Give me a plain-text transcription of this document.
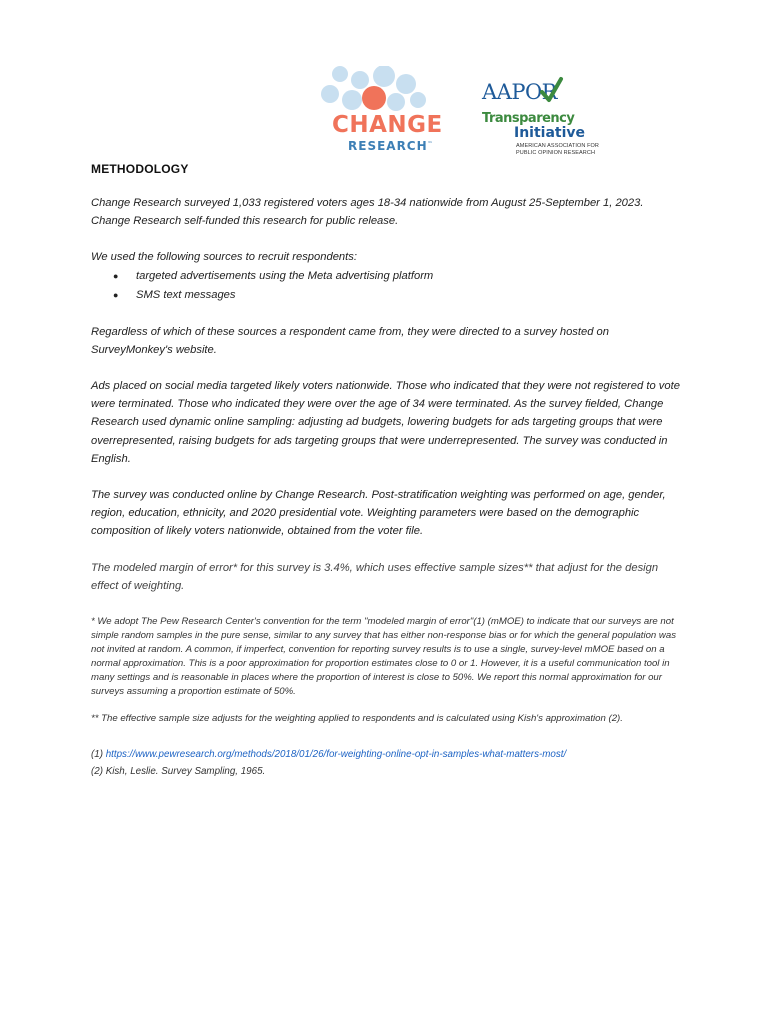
CHANGE
RESEARCH™
AAPOR
Transparency
Initiative
AMERICAN ASSOCIATION FOR
PUBLIC OPINION RESEARCH
METHODOLOGY

Change Research surveyed 1,033 registered voters ages 18-34 nationwide from August 25-September 1, 2023. Change Research self-funded this research for public release.

We used the following sources to recruit respondents:

● targeted advertisements using the Meta advertising platform
● SMS text messages

Regardless of which of these sources a respondent came from, they were directed to a survey hosted on SurveyMonkey's website.

Ads placed on social media targeted likely voters nationwide. Those who indicated that they were not registered to vote were terminated. Those who indicated they were over the age of 34 were terminated. As the survey fielded, Change Research used dynamic online sampling: adjusting ad budgets, lowering budgets for ads targeting groups that were overrepresented, raising budgets for ads targeting groups that were underrepresented. The survey was conducted in English.

The survey was conducted online by Change Research. Post-stratification weighting was performed on age, gender, region, education, ethnicity, and 2020 presidential vote. Weighting parameters were based on the demographic composition of likely voters nationwide, obtained from the voter file.

The modeled margin of error* for this survey is 3.4%, which uses effective sample sizes** that adjust for the design effect of weighting.

* We adopt The Pew Research Center's convention for the term "modeled margin of error"(1) (mMOE) to indicate that our surveys are not simple random samples in the pure sense, similar to any survey that has either non-response bias or for which the general population was not invited at random. A common, if imperfect, convention for reporting survey results is to use a single, survey-level mMOE based on a normal approximation. This is a poor approximation for proportion estimates close to 0 or 1. However, it is a useful communication tool in many settings and is reasonable in places where the proportion of interest is close to 50%. We report this normal approximation for our surveys assuming a proportion estimate of 50%.

** The effective sample size adjusts for the weighting applied to respondents and is calculated using Kish's approximation (2).

(1) https://www.pewresearch.org/methods/2018/01/26/for-weighting-online-opt-in-samples-what-matters-most/

(2) Kish, Leslie. Survey Sampling, 1965.
